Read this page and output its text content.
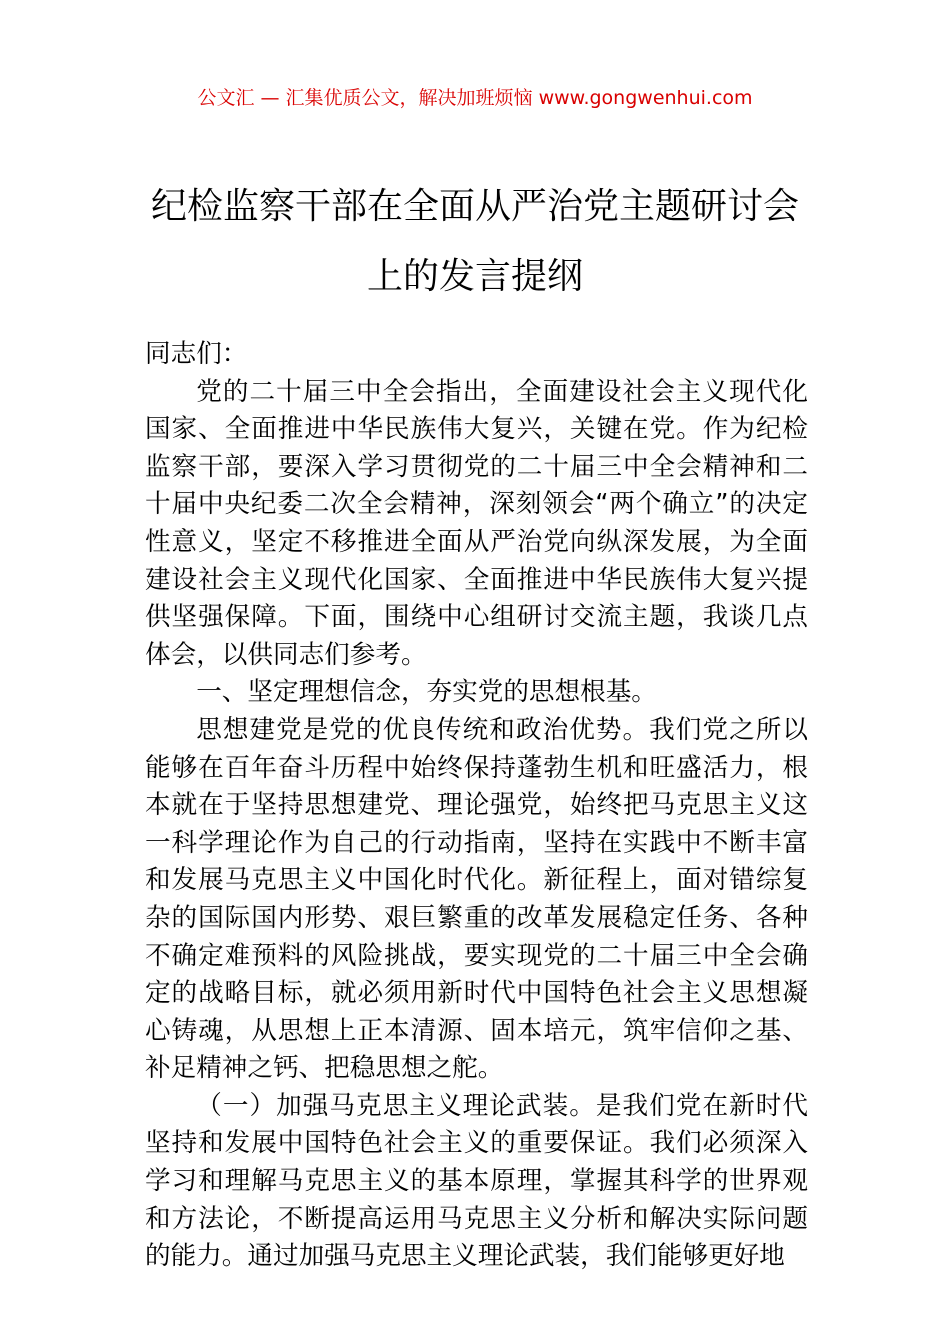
公文汇 — 汇集优质公文，解决加班烦恼 www.gongwenhui.com
纪检监察干部在全面从严治党主题研讨会
上的发言提纲

同志们：

党的二十届三中全会指出，全面建设社会主义现代化国家、全面推进中华民族伟大复兴，关键在党。作为纪检监察干部，要深入学习贯彻党的二十届三中全会精神和二十届中央纪委二次全会精神，深刻领会“两个确立”的决定性意义，坚定不移推进全面从严治党向纵深发展，为全面建设社会主义现代化国家、全面推进中华民族伟大复兴提供坚强保障。下面，围绕中心组研讨交流主题，我谈几点体会，以供同志们参考。

一、坚定理想信念，夯实党的思想根基。

思想建党是党的优良传统和政治优势。我们党之所以能够在百年奋斗历程中始终保持蓬勃生机和旺盛活力，根本就在于坚持思想建党、理论强党，始终把马克思主义这一科学理论作为自己的行动指南，坚持在实践中不断丰富和发展马克思主义中国化时代化。新征程上，面对错综复杂的国际国内形势、艰巨繁重的改革发展稳定任务、各种不确定难预料的风险挑战，要实现党的二十届三中全会确定的战略目标，就必须用新时代中国特色社会主义思想凝心铸魂，从思想上正本清源、固本培元，筑牢信仰之基、补足精神之钙、把稳思想之舵。

（一）加强马克思主义理论武装。是我们党在新时代坚持和发展中国特色社会主义的重要保证。我们必须深入学习和理解马克思主义的基本原理，掌握其科学的世界观和方法论，不断提高运用马克思主义分析和解决实际问题的能力。通过加强马克思主义理论武装，我们能够更好地
